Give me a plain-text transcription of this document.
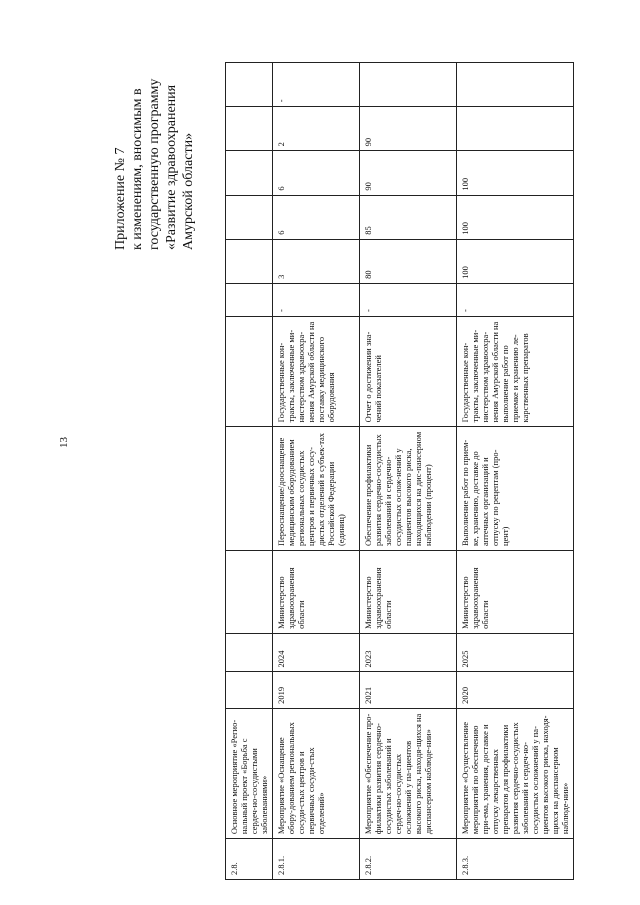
13
Приложение № 7 к изменениям, вносимым в государственную программу «Развитие здравоохранения Амурской области»
2.8.	Основное мероприятие «Регио-нальный проект «Борьба с сердеч-но-сосудистыми заболеваниями»											
2.8.1.	Мероприятие «Оснащение обору-дованием региональных сосуди-стых центров и первичных сосуди-стых отделений»	2019	2024	Министерство здравоохранения области	Переоснащение/дооснащение медицинским оборудованием региональных сосудистых центров и первичных сосу-дистых отделений в субъек-тах Российской Федерации (единиц)	Государственные кон-тракты, заключенные ми-нистерством здравоохра-нения Амурской области на поставку медицинского оборудования	-	3	6	6	2	-
2.8.2.	Мероприятие «Обеспечение про-филактики развития сердечно-сосудистых заболеваний и сердеч-но-сосудистых осложнений у па-циентов высокого риска, находя-щихся на диспансерном наблюде-нии»	2021	2023	Министерство здравоохранения области	Обеспечение профилактики развития сердечно-сосудистых заболеваний и сердечно-сосудистых ослож-нений у пациентов высокого риска, находящихся на дис-пансерном наблюдении (процент)	Отчет о достижении зна-чений показателей	-	80	85	90	90	
2.8.3.	Мероприятие «Осуществление мероприятий по обеспечению при-ема, хранения, доставке и отпуску лекарственных препаратов для профилактики развития сердечно-сосудистых заболеваний и сердеч-но-сосудистых осложнений у па-циентов высокого риска, находя-щихся на диспансерном наблюде-нии»	2020	2025	Министерство здравоохранения области	Выполнение работ по прием-ке, хранению, доставке до аптечных организаций и отпуску по рецептам (про-цент)	Государственные кон-тракты, заключенные ми-нистерством здравоохра-нения Амурской области на выполнение работ по приемке и хранению ле-карственных препаратов	-	100	100	100		
